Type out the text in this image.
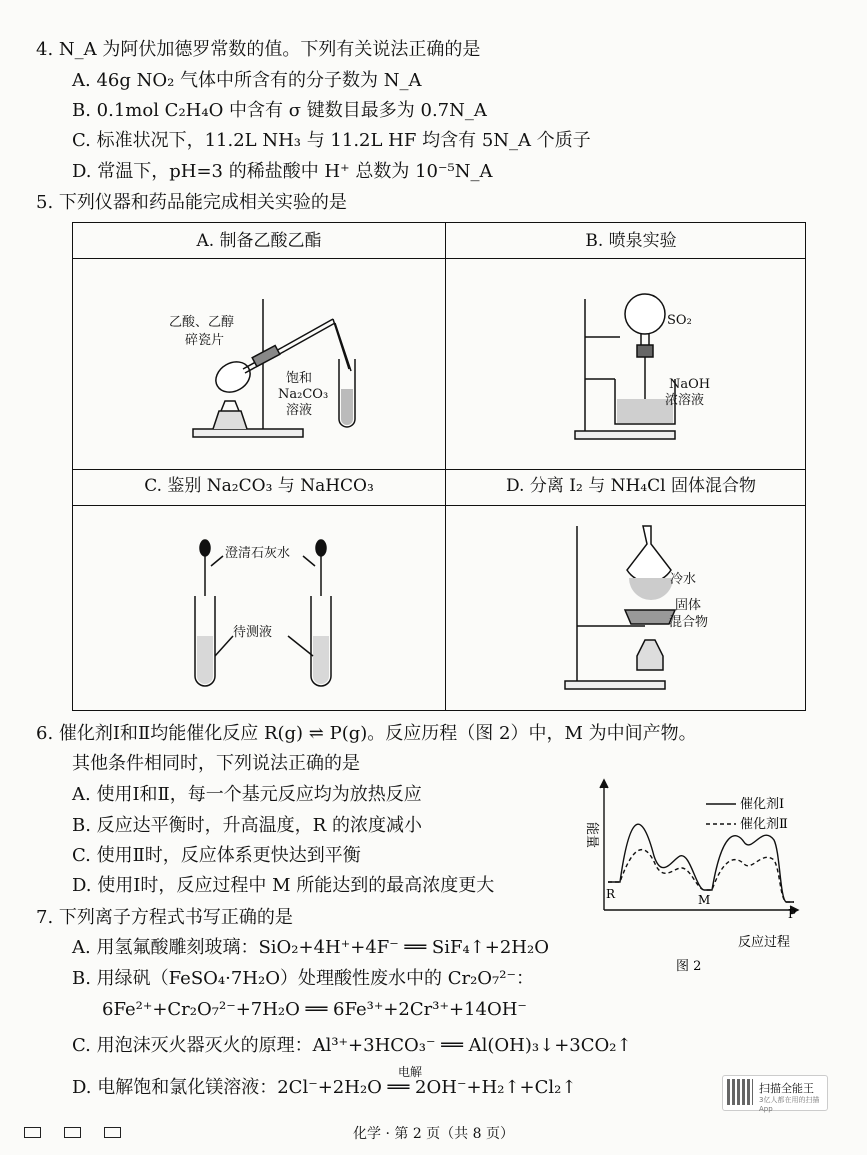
4. N_A 为阿伏加德罗常数的值。下列有关说法正确的是
A. 46g NO₂ 气体中所含有的分子数为 N_A
B. 0.1mol C₂H₄O 中含有 σ 键数目最多为 0.7N_A
C. 标准状况下，11.2L NH₃ 与 11.2L HF 均含有 5N_A 个质子
D. 常温下，pH=3 的稀盐酸中 H⁺ 总数为 10⁻⁵N_A
5. 下列仪器和药品能完成相关实验的是
A. 制备乙酸乙酯	B. 喷泉实验
C. 鉴别 Na₂CO₃ 与 NaHCO₃	D. 分离 I₂ 与 NH₄Cl 固体混合物
乙酸、乙醇
碎瓷片
饱和
Na₂CO₃
溶液
SO₂
NaOH
浓溶液
澄清石灰水
待测液
冷水
固体
混合物
6. 催化剂Ⅰ和Ⅱ均能催化反应 R(g) ⇌ P(g)。反应历程（图 2）中，M 为中间产物。
其他条件相同时，下列说法正确的是
A. 使用Ⅰ和Ⅱ，每一个基元反应均为放热反应
B. 反应达平衡时，升高温度，R 的浓度减小
C. 使用Ⅱ时，反应体系更快达到平衡
D. 使用Ⅰ时，反应过程中 M 所能达到的最高浓度更大
能量
催化剂Ⅰ
催化剂Ⅱ
R	M
P
反应过程
图 2
7. 下列离子方程式书写正确的是
A. 用氢氟酸雕刻玻璃：SiO₂+4H⁺+4F⁻ ══ SiF₄↑+2H₂O
B. 用绿矾（FeSO₄·7H₂O）处理酸性废水中的 Cr₂O₇²⁻：
6Fe²⁺+Cr₂O₇²⁻+7H₂O ══ 6Fe³⁺+2Cr³⁺+14OH⁻
C. 用泡沫灭火器灭火的原理：Al³⁺+3HCO₃⁻ ══ Al(OH)₃↓+3CO₂↑
电解
D. 电解饱和氯化镁溶液：2Cl⁻+2H₂O ══ 2OH⁻+H₂↑+Cl₂↑	扫描全能王
3亿人都在用的扫描App
化学 · 第 2 页（共 8 页）
